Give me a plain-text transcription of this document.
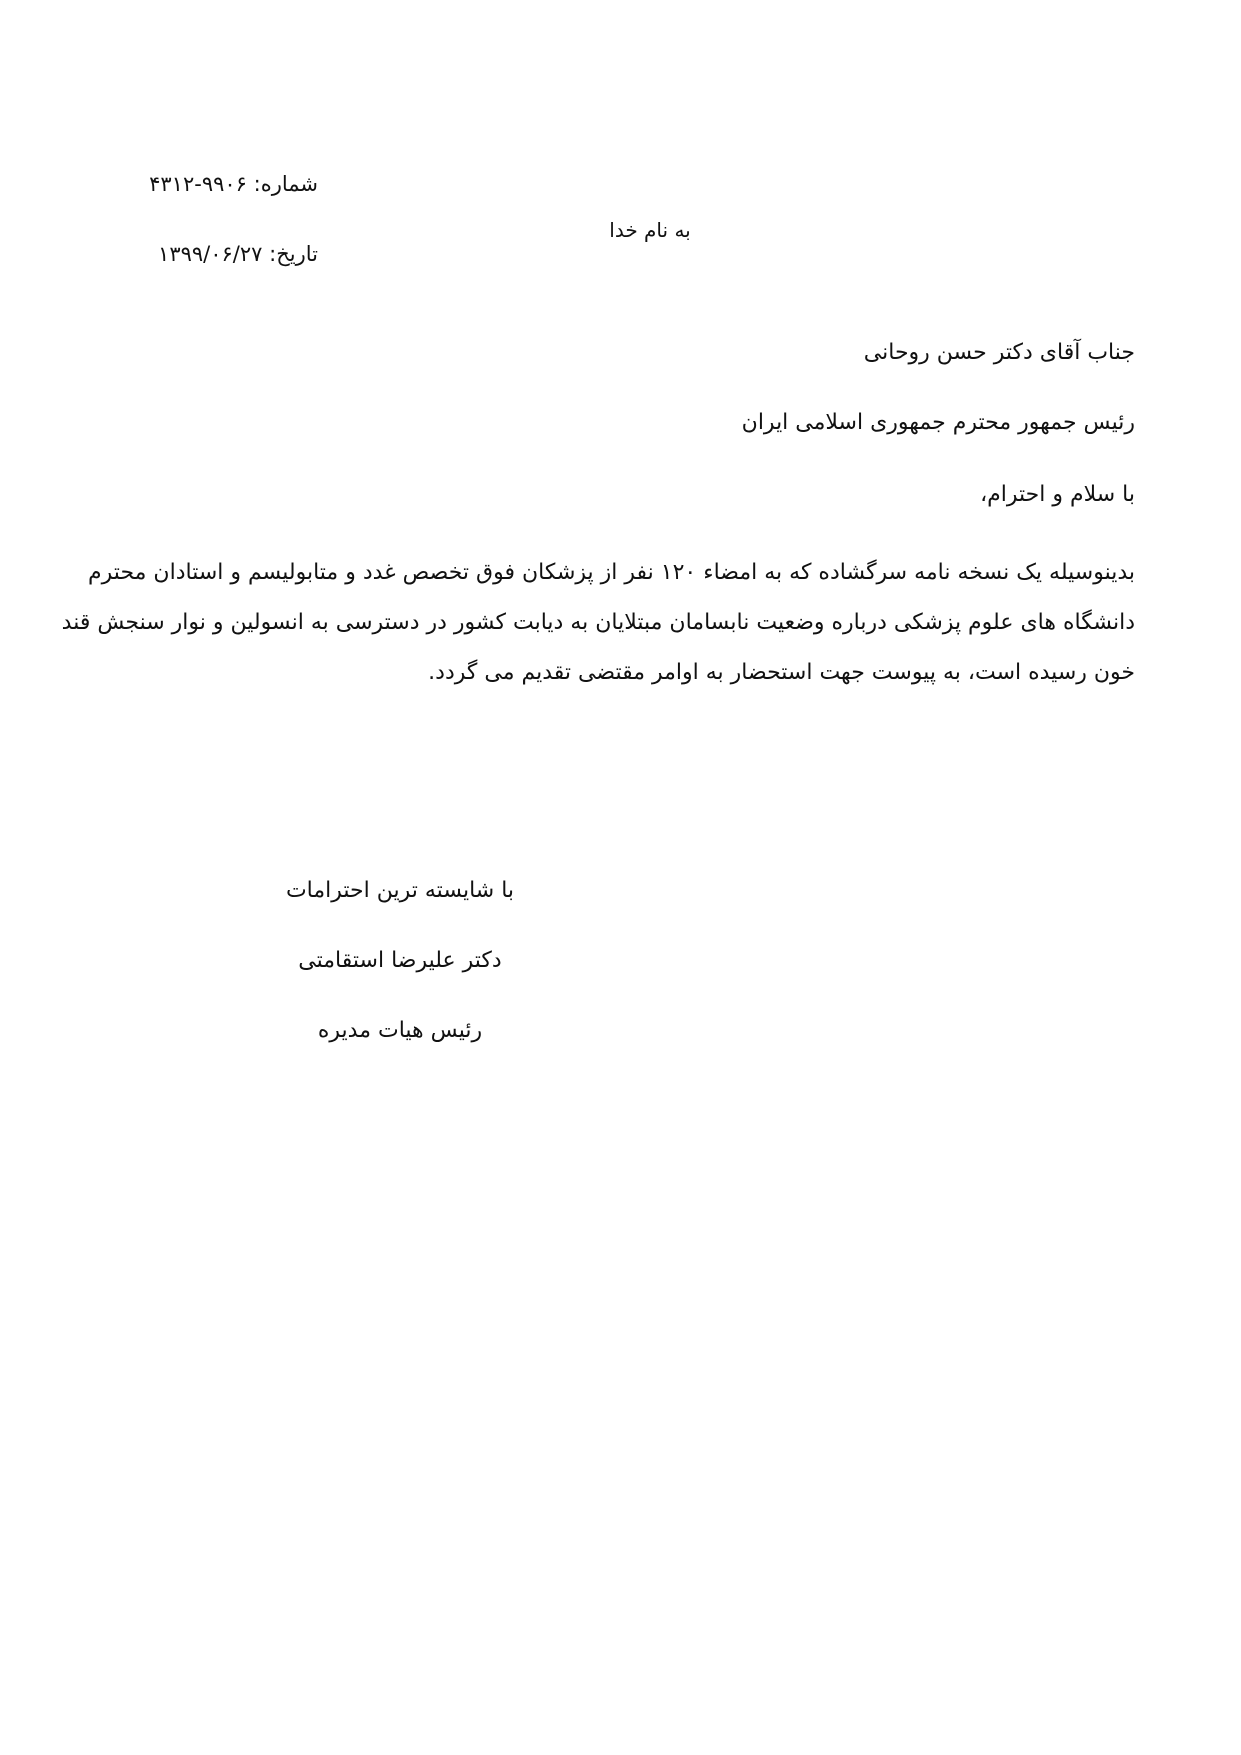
شماره: ۹۹۰۶-۴۳۱۲
تاریخ: ۱۳۹۹/۰۶/۲۷
به نام خدا
جناب آقای دکتر حسن روحانی
رئیس جمهور محترم جمهوری اسلامی ایران
با سلام و احترام،
بدینوسیله یک نسخه نامه سرگشاده که به امضاء ۱۲۰ نفر از پزشکان فوق تخصص غدد و متابولیسم و استادان محترم
دانشگاه های علوم پزشکی درباره وضعیت نابسامان مبتلایان به دیابت کشور در دسترسی به انسولین و نوار سنجش قند
خون رسیده است، به پیوست جهت استحضار به اوامر مقتضی تقدیم می گردد.
با شایسته ترین احترامات
دکتر علیرضا استقامتی
رئیس هیات مدیره
